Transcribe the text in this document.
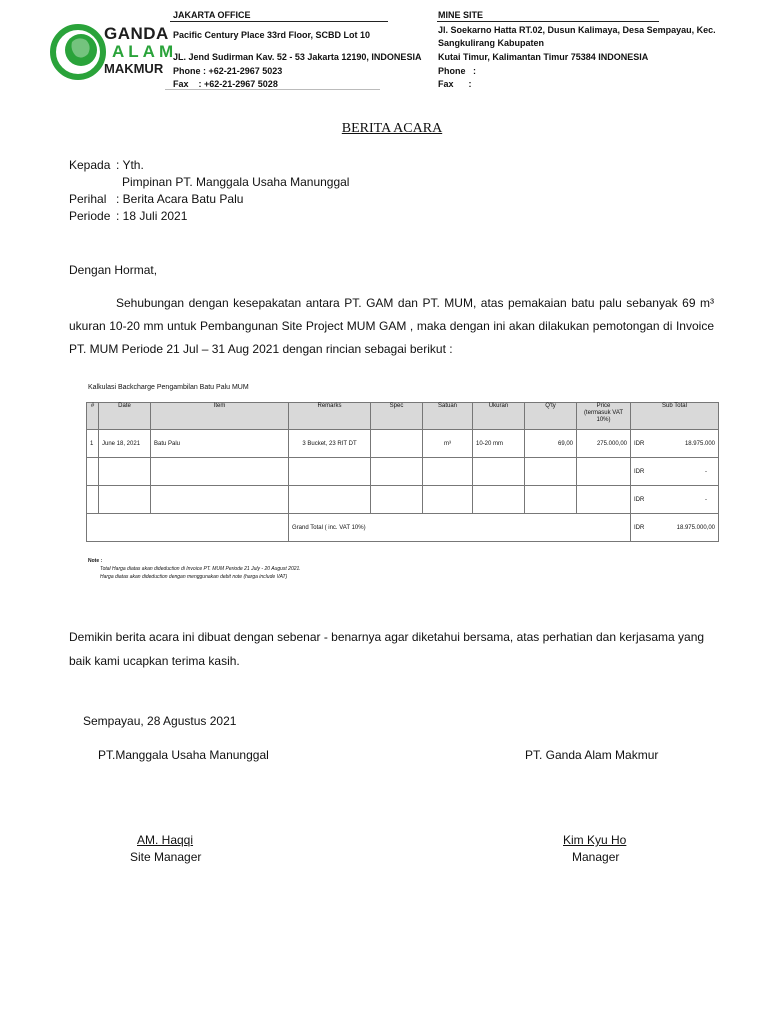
GANDA
ALAM
MAKMUR
JAKARTA OFFICE
Pacific Century Place 33rd Floor, SCBD Lot 10
JL. Jend Sudirman Kav. 52 - 53 Jakarta 12190, INDONESIA
Phone : +62-21-2967 5023
Fax    : +62-21-2967 5028
MINE SITE
Jl. Soekarno Hatta RT.02, Dusun Kalimaya, Desa Sempayau, Kec.
Sangkulirang Kabupaten
Kutai Timur, Kalimantan Timur 75384 INDONESIA
Phone   :
Fax      :
BERITA ACARA
Kepada : Yth.
Pimpinan PT. Manggala Usaha Manunggal
Perihal : Berita Acara Batu Palu
Periode : 18 Juli 2021
Dengan Hormat,
Sehubungan dengan kesepakatan antara PT. GAM dan PT. MUM, atas pemakaian batu palu sebanyak 69 m³
ukuran 10-20 mm untuk Pembangunan Site Project MUM GAM , maka dengan ini akan dilakukan pemotongan di Invoice
PT. MUM Periode 21 Jul – 31 Aug 2021 dengan rincian sebagai berikut :
Kalkulasi Backcharge Pengambilan Batu Palu MUM
#	Date	Item	Remarks	Spec	Satuan	Ukuran	Q'ty	Price
(termasuk VAT
10%)	Sub Total
1	June 18, 2021	Batu Palu	3 Bucket, 23 RIT DT		m³	10-20 mm	69,00	275.000,00	IDR 18.975.000

									IDR -

									IDR -

			Grand Total ( inc. VAT 10%)						IDR 18.975.000,00
Note :
Total Harga diatas akan dideduction di Invoice PT. MUM Periode 21 July - 20 August 2021.
Harga diatas akan dideduction dengan menggunakan debit note (harga include VAT)
Demikin berita acara ini dibuat dengan sebenar - benarnya agar diketahui bersama, atas perhatian dan kerjasama yang
baik kami ucapkan terima kasih.
Sempayau, 28 Agustus 2021
PT.Manggala Usaha Manunggal	PT. Ganda Alam Makmur
AM. Haqqi
Site Manager
Kim Kyu Ho
Manager
